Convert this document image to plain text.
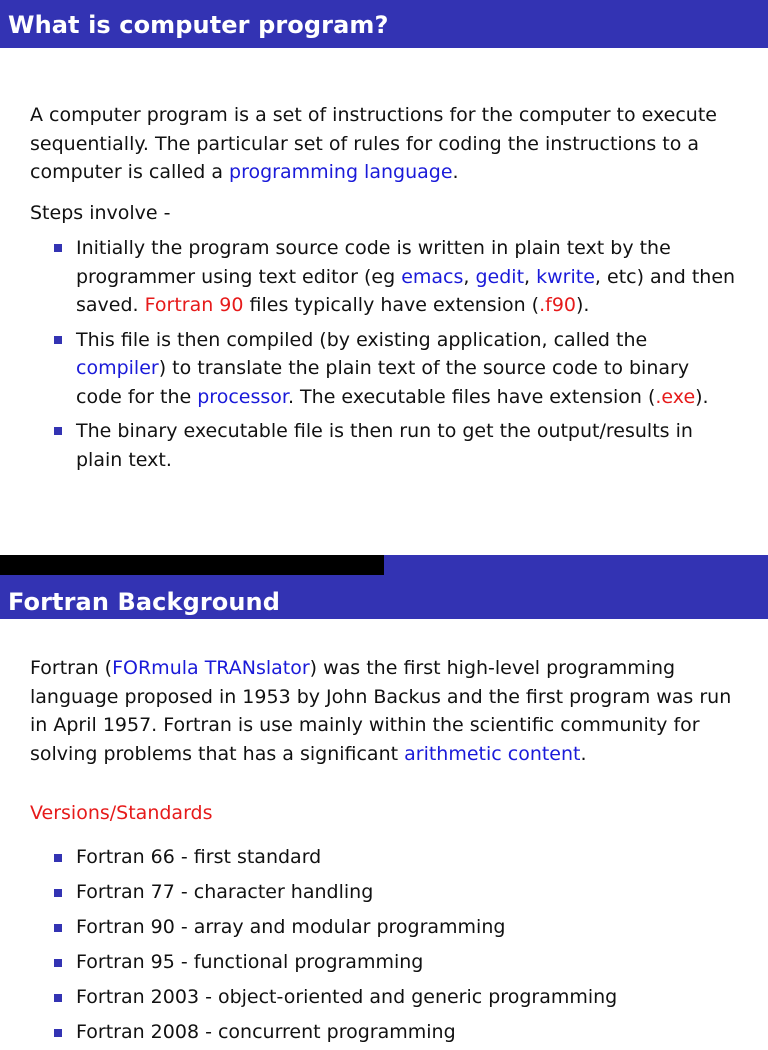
What is computer program?

A computer program is a set of instructions for the computer to execute sequentially. The particular set of rules for coding the instructions to a computer is called a programming language.

Steps involve -
Initially the program source code is written in plain text by the programmer using text editor (eg emacs, gedit, kwrite, etc) and then saved. Fortran 90 files typically have extension (.f90).
This file is then compiled (by existing application, called the compiler) to translate the plain text of the source code to binary code for the processor. The executable files have extension (.exe).
The binary executable file is then run to get the output/results in plain text.
Fortran Background

Fortran (FORmula TRANslator) was the first high-level programming language proposed in 1953 by John Backus and the first program was run in April 1957. Fortran is use mainly within the scientific community for solving problems that has a significant arithmetic content.

Versions/Standards
Fortran 66 - first standard
Fortran 77 - character handling
Fortran 90 - array and modular programming
Fortran 95 - functional programming
Fortran 2003 - object-oriented and generic programming
Fortran 2008 - concurrent programming
